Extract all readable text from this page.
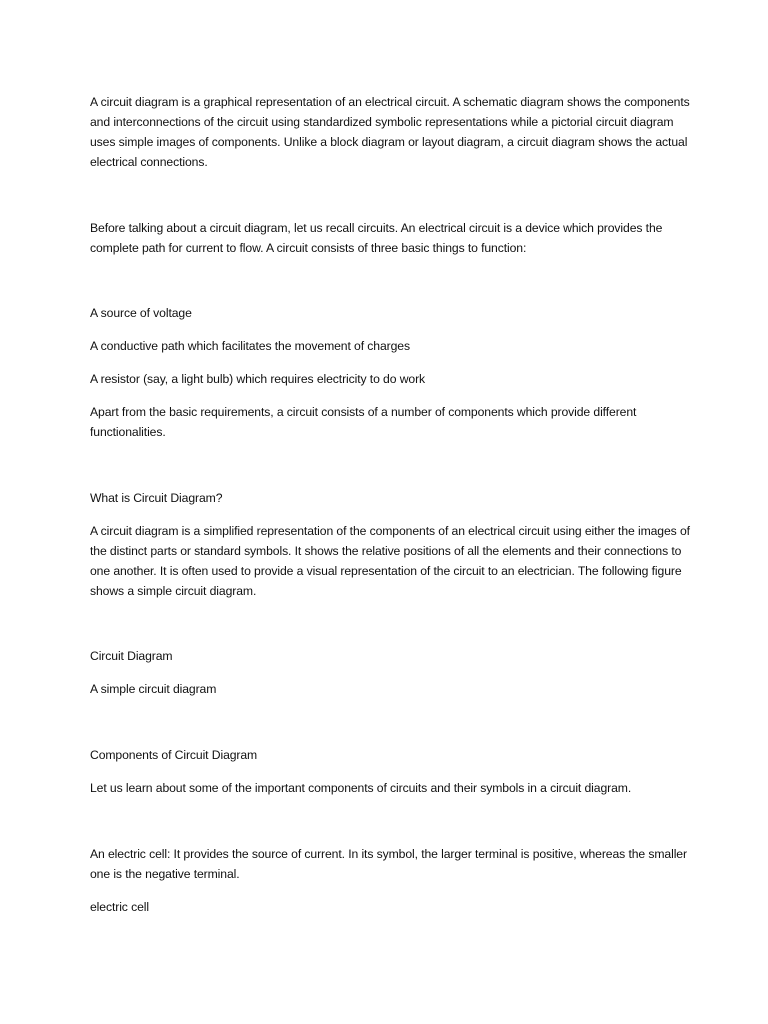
A circuit diagram is a graphical representation of an electrical circuit. A schematic diagram shows the components and interconnections of the circuit using standardized symbolic representations while a pictorial circuit diagram uses simple images of components. Unlike a block diagram or layout diagram, a circuit diagram shows the actual electrical connections.

Before talking about a circuit diagram, let us recall circuits. An electrical circuit is a device which provides the complete path for current to flow. A circuit consists of three basic things to function:

A source of voltage

A conductive path which facilitates the movement of charges

A resistor (say, a light bulb) which requires electricity to do work

Apart from the basic requirements, a circuit consists of a number of components which provide different functionalities.

What is Circuit Diagram?

A circuit diagram is a simplified representation of the components of an electrical circuit using either the images of the distinct parts or standard symbols. It shows the relative positions of all the elements and their connections to one another. It is often used to provide a visual representation of the circuit to an electrician. The following figure shows a simple circuit diagram.

Circuit Diagram

A simple circuit diagram

Components of Circuit Diagram

Let us learn about some of the important components of circuits and their symbols in a circuit diagram.

An electric cell: It provides the source of current. In its symbol, the larger terminal is positive, whereas the smaller one is the negative terminal.

electric cell
